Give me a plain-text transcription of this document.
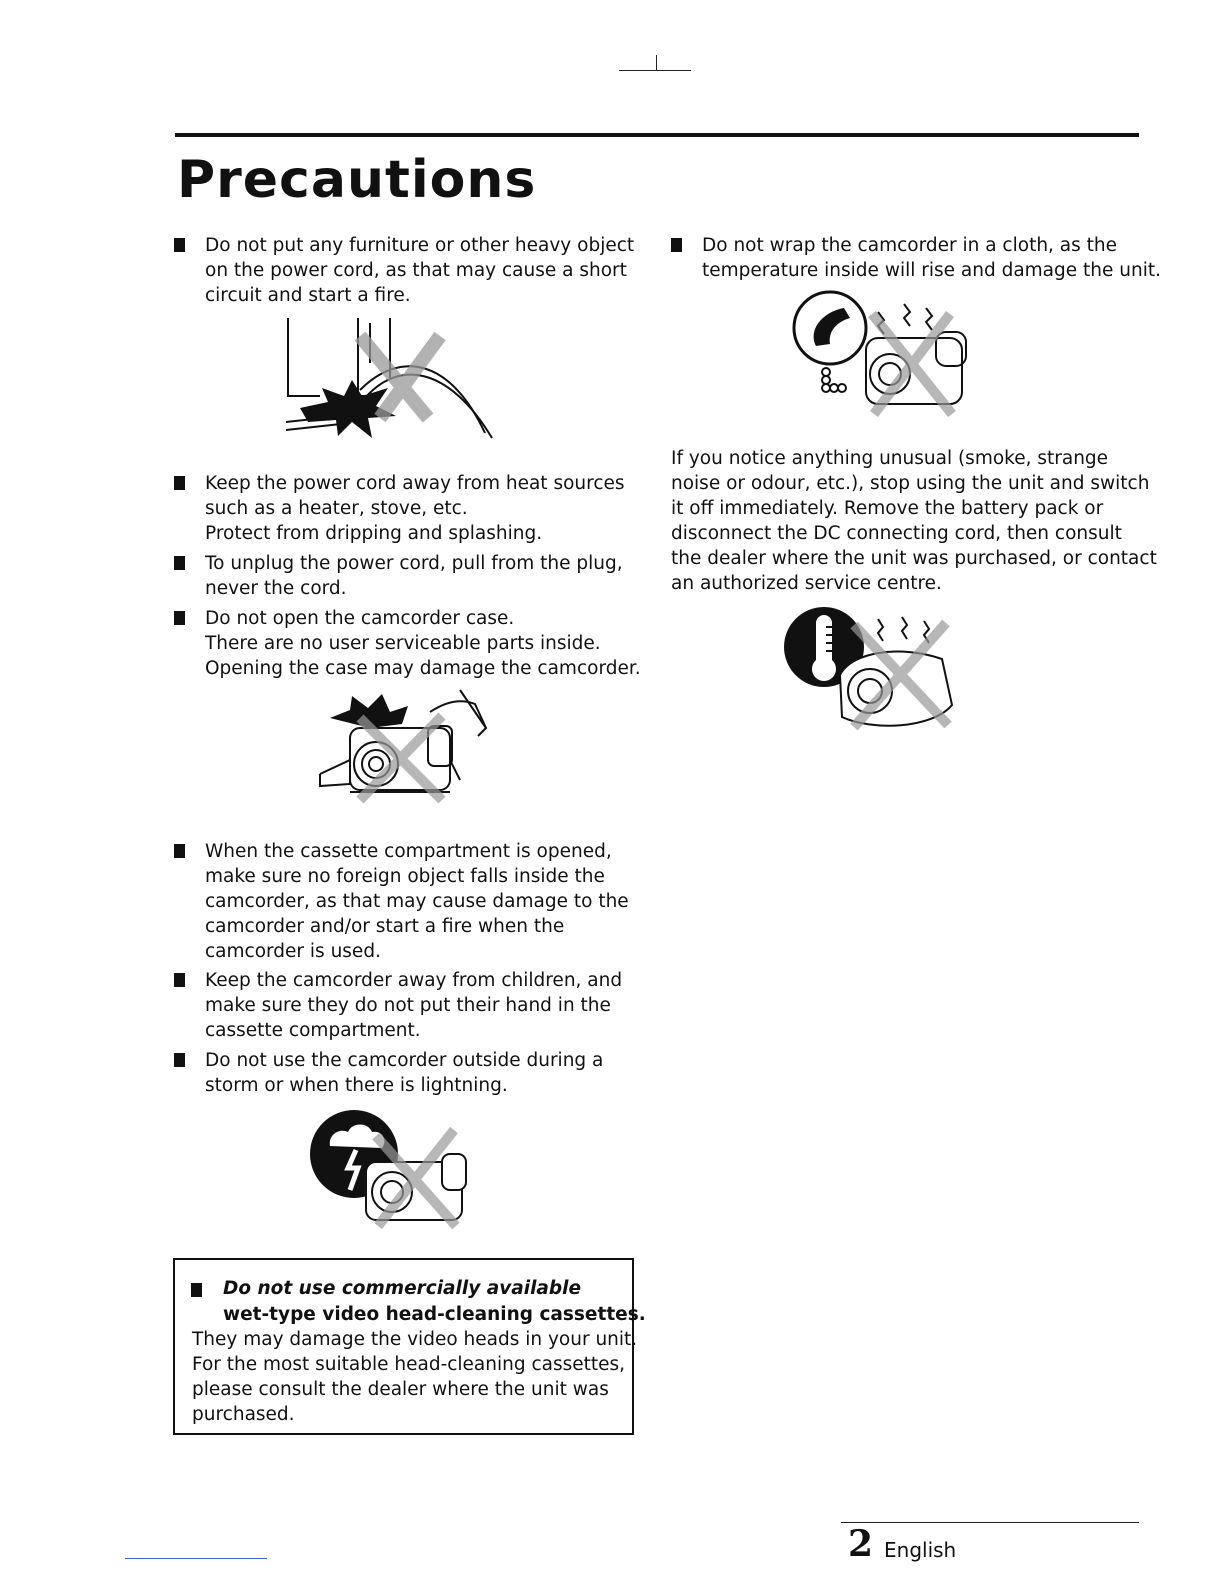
Precautions

Do not put any furniture or other heavy object

on the power cord, as that may cause a short

circuit and start a fire.

Keep the power cord away from heat sources

such as a heater, stove, etc.

Protect from dripping and splashing.

To unplug the power cord, pull from the plug,

never the cord.

Do not open the camcorder case.

There are no user serviceable parts inside.

Opening the case may damage the camcorder.

When the cassette compartment is opened,

make sure no foreign object falls inside the

camcorder, as that may cause damage to the

camcorder and/or start a fire when the

camcorder is used.

Keep the camcorder away from children, and

make sure they do not put their hand in the

cassette compartment.

Do not use the camcorder outside during a

storm or when there is lightning.

Do not use commercially available
wet-type video head-cleaning cassettes.

They may damage the video heads in your unit.

For the most suitable head-cleaning cassettes,

please consult the dealer where the unit was

purchased.

Do not wrap the camcorder in a cloth, as the

temperature inside will rise and damage the unit.

If you notice anything unusual (smoke, strange

noise or odour, etc.), stop using the unit and switch

it off immediately. Remove the battery pack or

disconnect the DC connecting cord, then consult

the dealer where the unit was purchased, or contact

an authorized service centre.

2 English
